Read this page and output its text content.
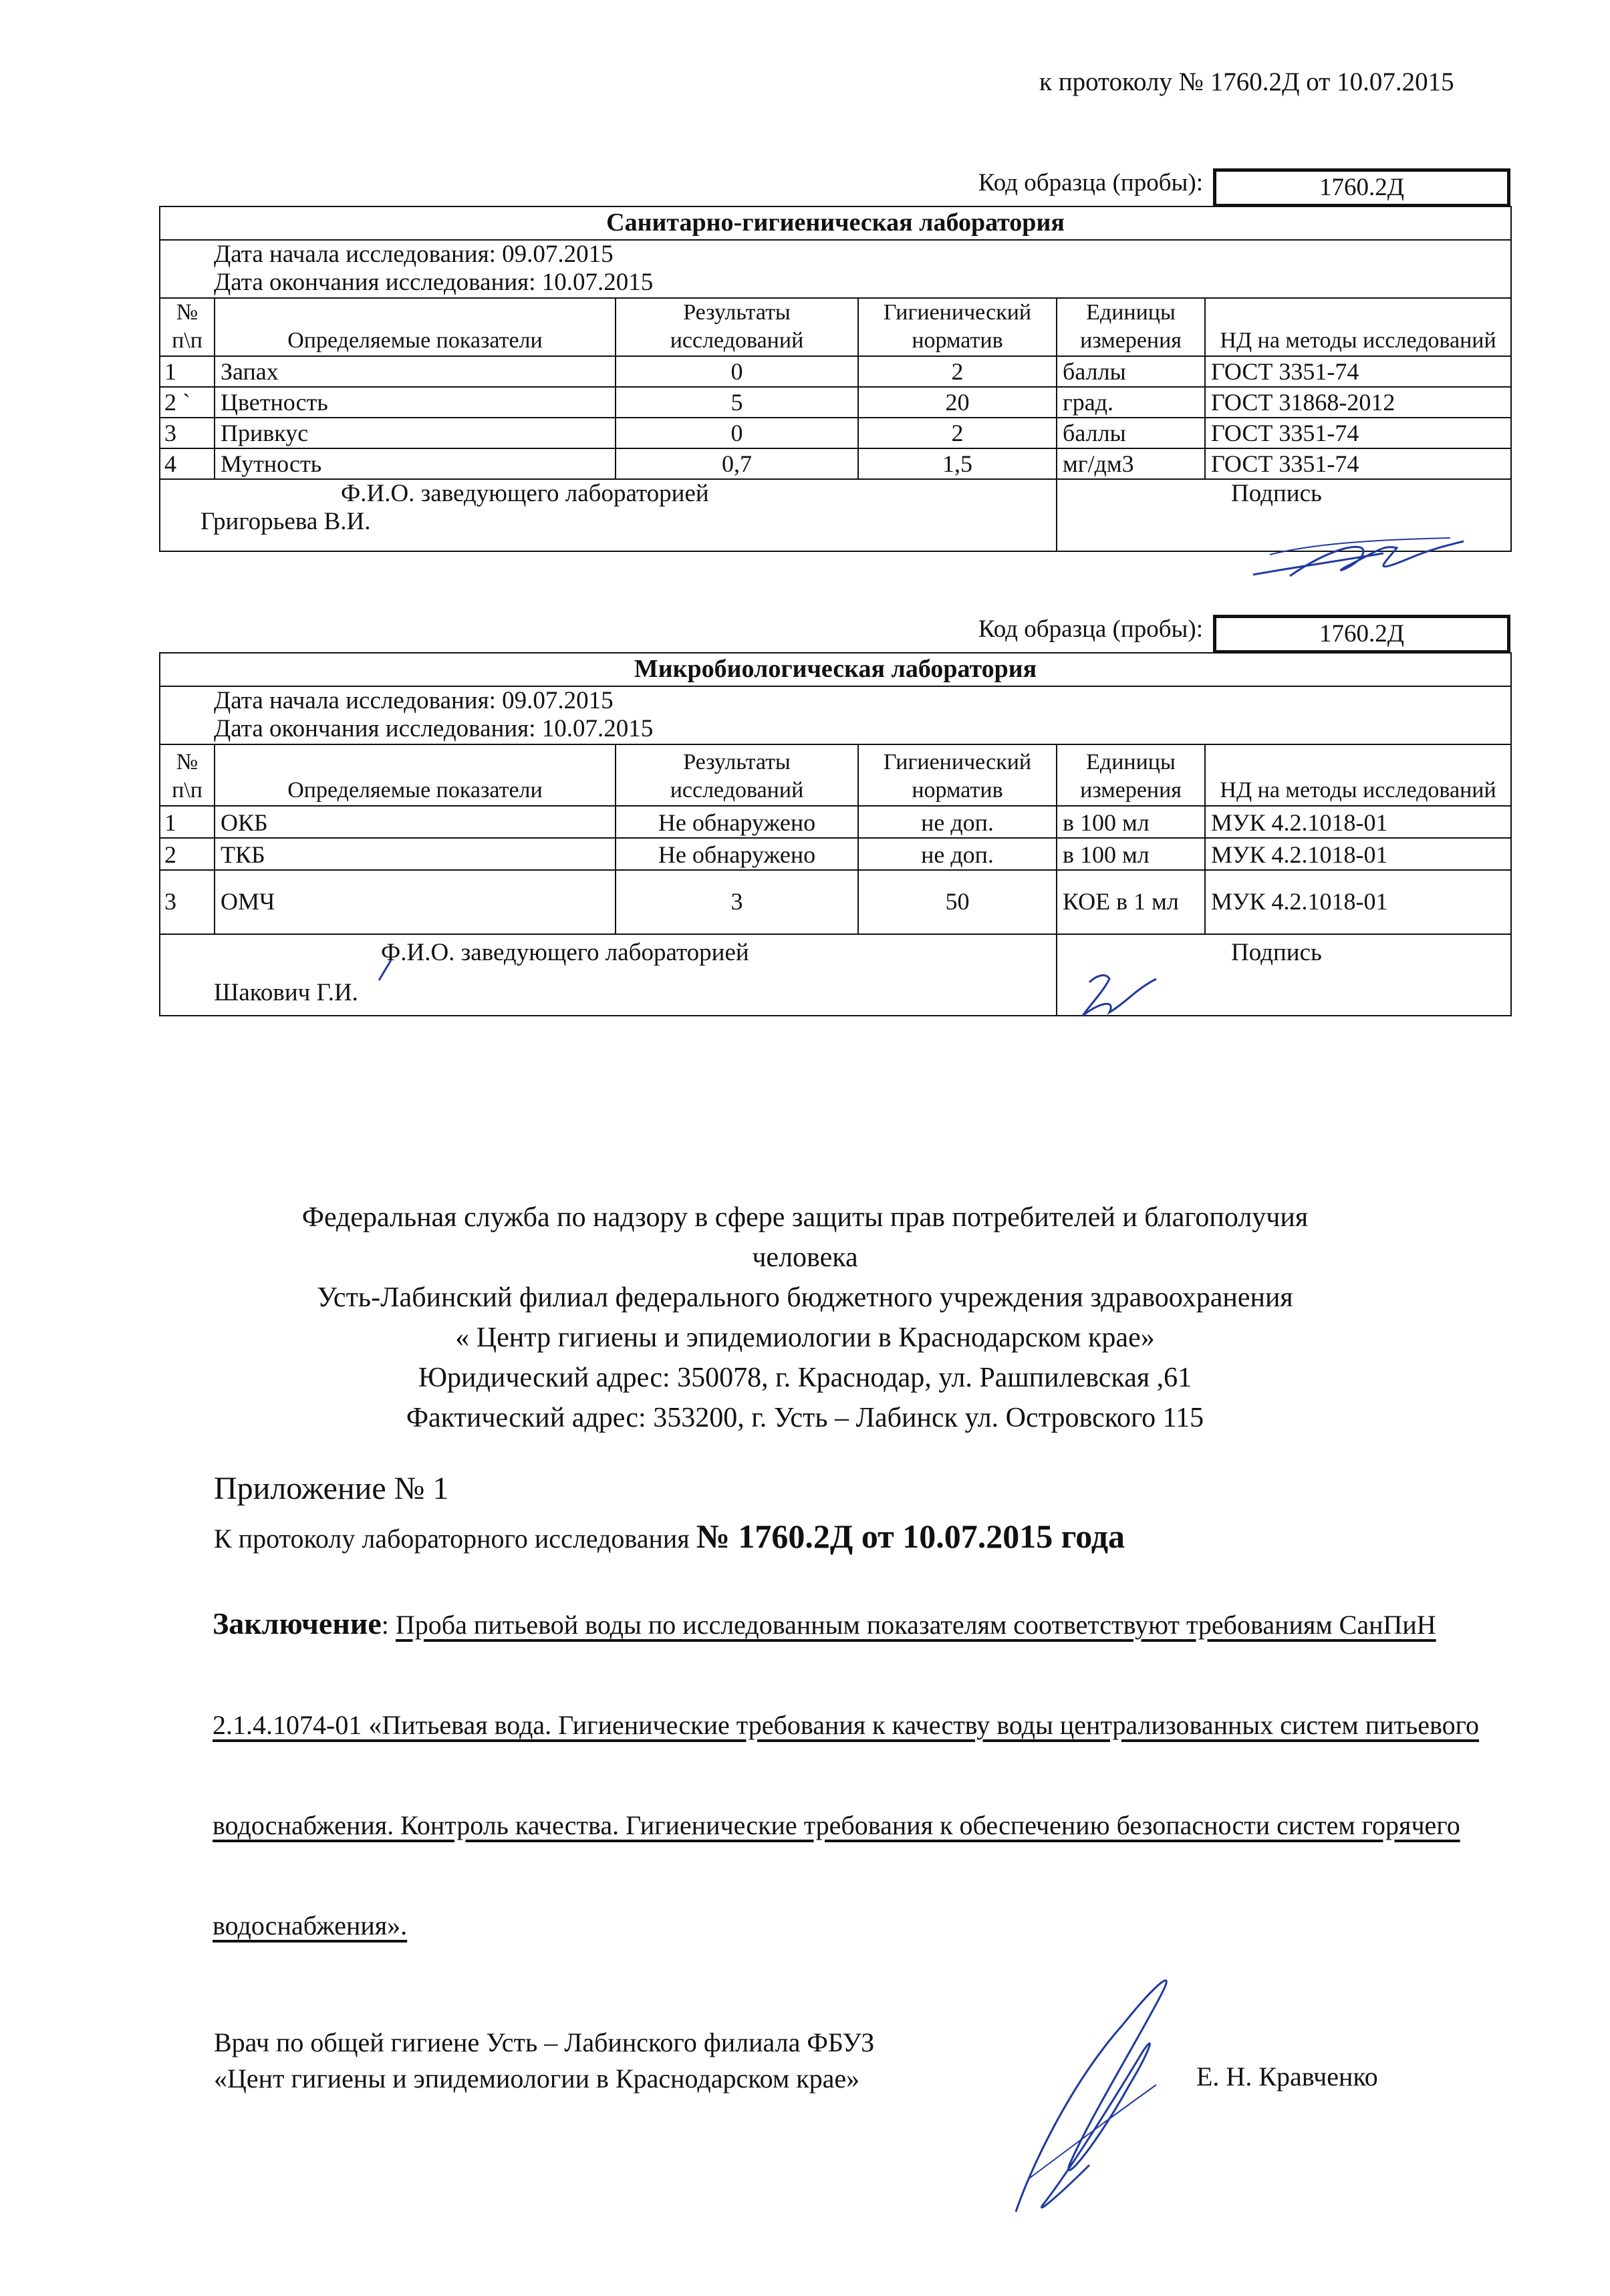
к протоколу № 1760.2Д от 10.07.2015
Код образца (пробы):	1760.2Д
Санитарно-гигиеническая лаборатория					
Дата начала исследования: 09.07.2015					
Дата окончания исследования: 10.07.2015					
№ п\п	Определяемые показатели	Результаты исследований	Гигиенический норматив	Единицы измерения	НД на методы исследований
1	Запах	0	2	баллы	ГОСТ 3351-74
2 `	Цветность	5	20	град.	ГОСТ 31868-2012
3	Привкус	0	2	баллы	ГОСТ 3351-74
4	Мутность	0,7	1,5	мг/дм3	ГОСТ 3351-74

Ф.И.О. заведующего лабораторией
Григорьева В.И.				Подпись	
Код образца (пробы):	1760.2Д
Микробиологическая лаборатория					
Дата начала исследования: 09.07.2015					
Дата окончания исследования: 10.07.2015					
№ п\п	Определяемые показатели	Результаты исследований	Гигиенический норматив	Единицы измерения	НД на методы исследований
1	ОКБ	Не обнаружено	не доп.	в 100 мл	МУК 4.2.1018-01
2	ТКБ	Не обнаружено	не доп.	в 100 мл	МУК 4.2.1018-01
3	ОМЧ	3	50	КОЕ в 1 мл	МУК 4.2.1018-01

Ф.И.О. заведующего лабораторией
Шакович Г.И.				Подпись	
Федеральная служба по надзору в сфере защиты прав потребителей и благополучия
человека
Усть-Лабинский филиал федерального бюджетного учреждения здравоохранения
« Центр гигиены и эпидемиологии в Краснодарском крае»
Юридический адрес: 350078, г. Краснодар, ул. Рашпилевская ,61
Фактический адрес: 353200, г. Усть – Лабинск ул. Островского 115
Приложение № 1
К протоколу лабораторного исследования № 1760.2Д от 10.07.2015 года
Заключение: Проба питьевой воды по исследованным показателям соответствуют требованиям СанПиН 2.1.4.1074-01 «Питьевая вода. Гигиенические требования к качеству воды централизованных систем питьевого водоснабжения. Контроль качества. Гигиенические требования к обеспечению безопасности систем горячего водоснабжения».
Врач по общей гигиене Усть – Лабинского филиала ФБУЗ
«Цент гигиены и эпидемиологии в Краснодарском крае»	Е. Н. Кравченко
